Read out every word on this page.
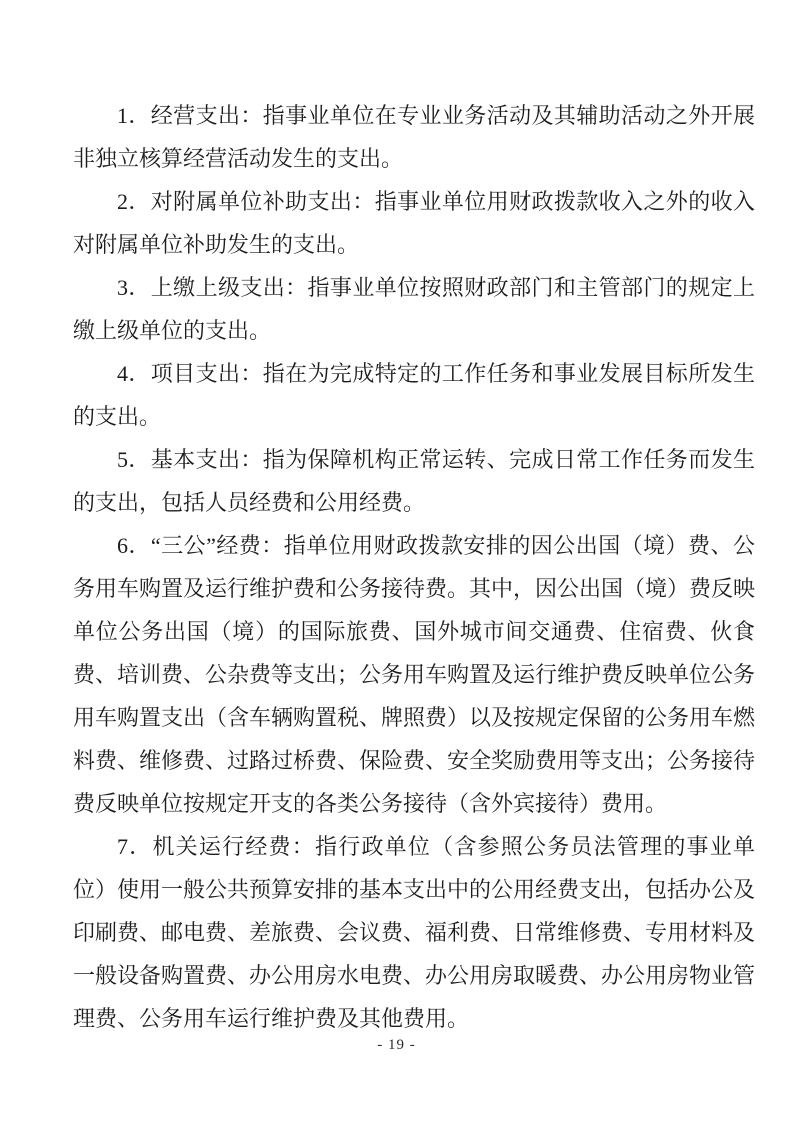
1．经营支出：指事业单位在专业业务活动及其辅助活动之外开展非独立核算经营活动发生的支出。

2．对附属单位补助支出：指事业单位用财政拨款收入之外的收入对附属单位补助发生的支出。

3．上缴上级支出：指事业单位按照财政部门和主管部门的规定上缴上级单位的支出。

4．项目支出：指在为完成特定的工作任务和事业发展目标所发生的支出。

5．基本支出：指为保障机构正常运转、完成日常工作任务而发生的支出，包括人员经费和公用经费。

6．“三公”经费：指单位用财政拨款安排的因公出国（境）费、公务用车购置及运行维护费和公务接待费。其中，因公出国（境）费反映单位公务出国（境）的国际旅费、国外城市间交通费、住宿费、伙食费、培训费、公杂费等支出；公务用车购置及运行维护费反映单位公务用车购置支出（含车辆购置税、牌照费）以及按规定保留的公务用车燃料费、维修费、过路过桥费、保险费、安全奖励费用等支出；公务接待费反映单位按规定开支的各类公务接待（含外宾接待）费用。

7．机关运行经费：指行政单位（含参照公务员法管理的事业单位）使用一般公共预算安排的基本支出中的公用经费支出，包括办公及印刷费、邮电费、差旅费、会议费、福利费、日常维修费、专用材料及一般设备购置费、办公用房水电费、办公用房取暖费、办公用房物业管理费、公务用车运行维护费及其他费用。

- 19 -
